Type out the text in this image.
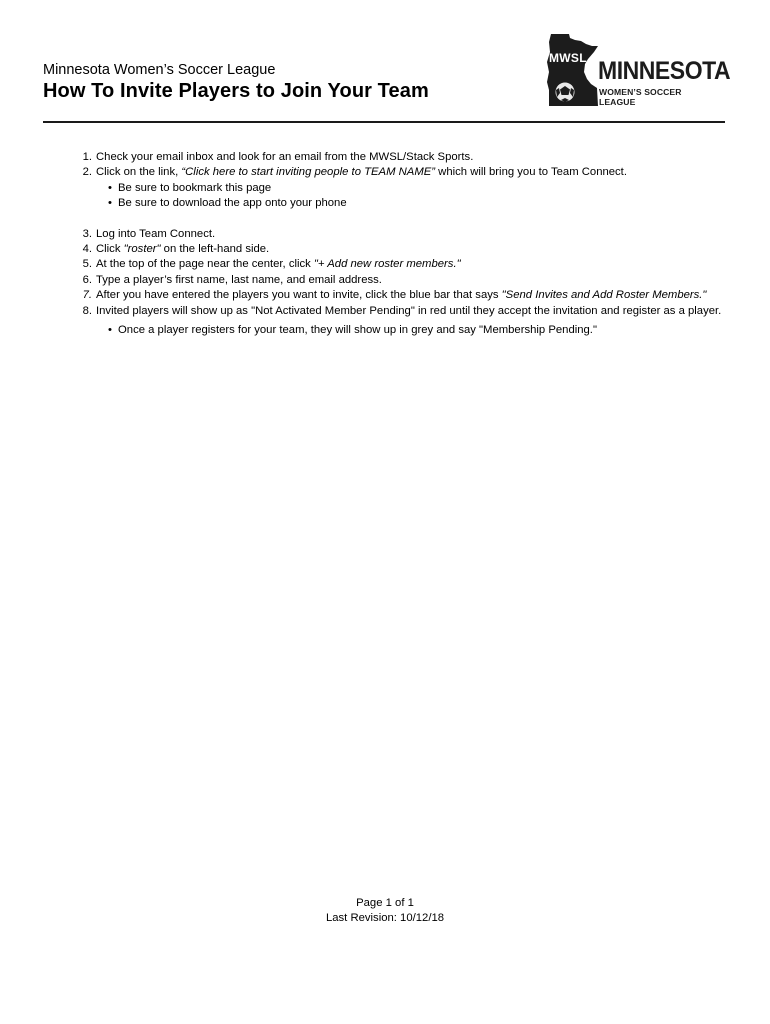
Minnesota Women’s Soccer League
How To Invite Players to Join Your Team
MWSL MINNESOTA
WOMEN’S SOCCER LEAGUE
1. Check your email inbox and look for an email from the MWSL/Stack Sports.
2. Click on the link, “Click here to start inviting people to TEAM NAME” which will bring you to Team Connect.
• Be sure to bookmark this page
• Be sure to download the app onto your phone
3. Log into Team Connect.
4. Click "roster" on the left-hand side.
5. At the top of the page near the center, click "+ Add new roster members."
6. Type a player’s first name, last name, and email address.
7. After you have entered the players you want to invite, click the blue bar that says "Send Invites and Add Roster Members."
8. Invited players will show up as "Not Activated Member Pending" in red until they accept the invitation and register as a player.
• Once a player registers for your team, they will show up in grey and say "Membership Pending."
Page 1 of 1
Last Revision: 10/12/18
